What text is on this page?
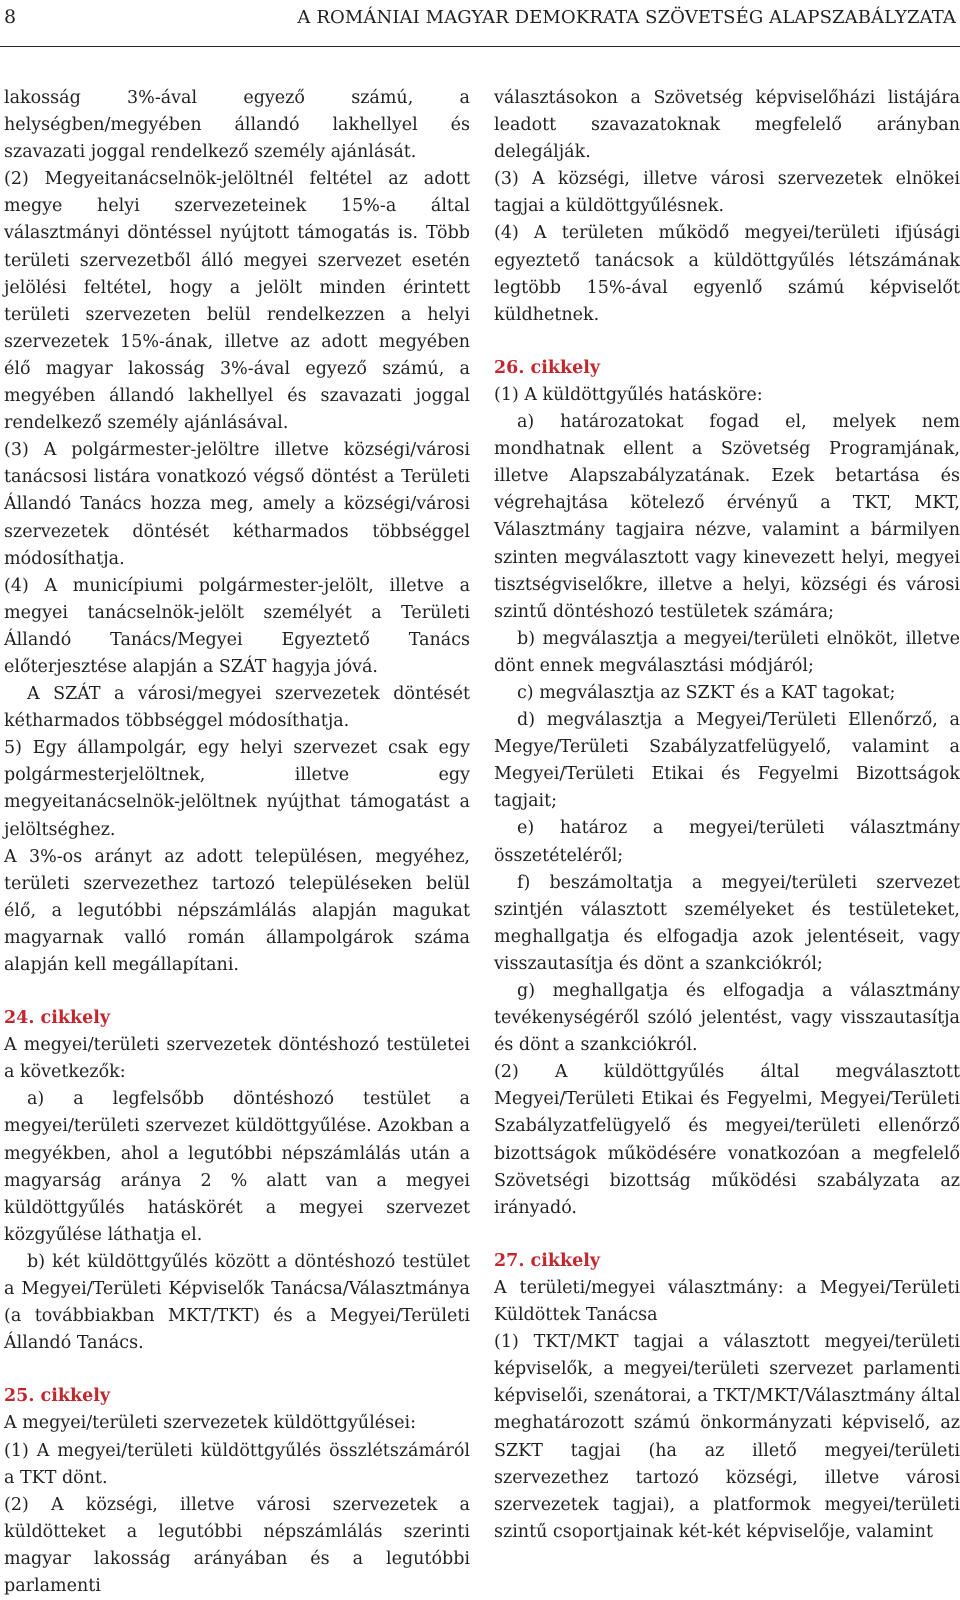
8	A ROMÁNIAI MAGYAR DEMOKRATA SZÖVETSÉG ALAPSZABÁLYZATA

lakosság 3%-ával egyező számú, a helységben/megyében állandó lakhellyel és szavazati joggal rendelkező személy ajánlását.

(2) Megyeitanácselnök-jelöltnél feltétel az adott megye helyi szervezeteinek 15%-a által választmányi döntéssel nyújtott támogatás is. Több területi szervezetből álló megyei szervezet esetén jelölési feltétel, hogy a jelölt minden érintett területi szervezeten belül rendelkezzen a helyi szervezetek 15%-ának, illetve az adott megyében élő magyar lakosság 3%-ával egyező számú, a megyében állandó lakhellyel és szavazati joggal rendelkező személy ajánlásával.

(3) A polgármester-jelöltre illetve községi/városi tanácsosi listára vonatkozó végső döntést a Területi Állandó Tanács hozza meg, amely a községi/városi szervezetek döntését kétharmados többséggel módosíthatja.

(4) A municípiumi polgármester-jelölt, illetve a megyei tanácselnök-jelölt személyét a Területi Állandó Tanács/Megyei Egyeztető Tanács előterjesztése alapján a SZÁT hagyja jóvá.

A SZÁT a városi/megyei szervezetek döntését kétharmados többséggel módosíthatja.

5) Egy állampolgár, egy helyi szervezet csak egy polgármesterjelöltnek, illetve egy megyeitanácselnök-jelöltnek nyújthat támogatást a jelöltséghez.

A 3%-os arányt az adott településen, megyéhez, területi szervezethez tartozó településeken belül élő, a legutóbbi népszámlálás alapján magukat magyarnak valló román állampolgárok száma alapján kell megállapítani.

24. cikkely

A megyei/területi szervezetek döntéshozó testületei a következők:

a) a legfelsőbb döntéshozó testület a megyei/területi szervezet küldöttgyűlése. Azokban a megyékben, ahol a legutóbbi népszámlálás után a magyarság aránya 2 % alatt van a megyei küldöttgyűlés hatáskörét a megyei szervezet közgyűlése láthatja el.

b) két küldöttgyűlés között a döntéshozó testület a Megyei/Területi Képviselők Tanácsa/Választmánya (a továbbiakban MKT/TKT) és a Megyei/Területi Állandó Tanács.

25. cikkely

A megyei/területi szervezetek küldöttgyűlései:

(1) A megyei/területi küldöttgyűlés összlétszámáról a TKT dönt.

(2) A községi, illetve városi szervezetek a küldötteket a legutóbbi népszámlálás szerinti magyar lakosság arányában és a legutóbbi parlamenti

választásokon a Szövetség képviselőházi listájára leadott szavazatoknak megfelelő arányban delegálják.

(3) A községi, illetve városi szervezetek elnökei tagjai a küldöttgyűlésnek.

(4) A területen működő megyei/területi ifjúsági egyeztető tanácsok a küldöttgyűlés létszámának legtöbb 15%-ával egyenlő számú képviselőt küldhetnek.

26. cikkely

(1) A küldöttgyűlés hatásköre:

a) határozatokat fogad el, melyek nem mondhatnak ellent a Szövetség Programjának, illetve Alapszabályzatának. Ezek betartása és végrehajtása kötelező érvényű a TKT, MKT, Választmány tagjaira nézve, valamint a bármilyen szinten megválasztott vagy kinevezett helyi, megyei tisztségviselőkre, illetve a helyi, községi és városi szintű döntéshozó testületek számára;

b) megválasztja a megyei/területi elnököt, illetve dönt ennek megválasztási módjáról;

c) megválasztja az SZKT és a KAT tagokat;

d) megválasztja a Megyei/Területi Ellenőrző, a Megye/Területi Szabályzatfelügyelő, valamint a Megyei/Területi Etikai és Fegyelmi Bizottságok tagjait;

e) határoz a megyei/területi választmány összetételéről;

f) beszámoltatja a megyei/területi szervezet szintjén választott személyeket és testületeket, meghallgatja és elfogadja azok jelentéseit, vagy visszautasítja és dönt a szankciókról;

g) meghallgatja és elfogadja a választmány tevékenységéről szóló jelentést, vagy visszautasítja és dönt a szankciókról.

(2) A küldöttgyűlés által megválasztott Megyei/Területi Etikai és Fegyelmi, Megyei/Területi Szabályzatfelügyelő és megyei/területi ellenőrző bizottságok működésére vonatkozóan a megfelelő Szövetségi bizottság működési szabályzata az irányadó.

27. cikkely

A területi/megyei választmány: a Megyei/Területi Küldöttek Tanácsa

(1) TKT/MKT tagjai a választott megyei/területi képviselők, a megyei/területi szervezet parlamenti képviselői, szenátorai, a TKT/MKT/Választmány által meghatározott számú önkormányzati képviselő, az SZKT tagjai (ha az illető megyei/területi szervezethez tartozó községi, illetve városi szervezetek tagjai), a platformok megyei/területi szintű csoportjainak két-két képviselője, valamint
